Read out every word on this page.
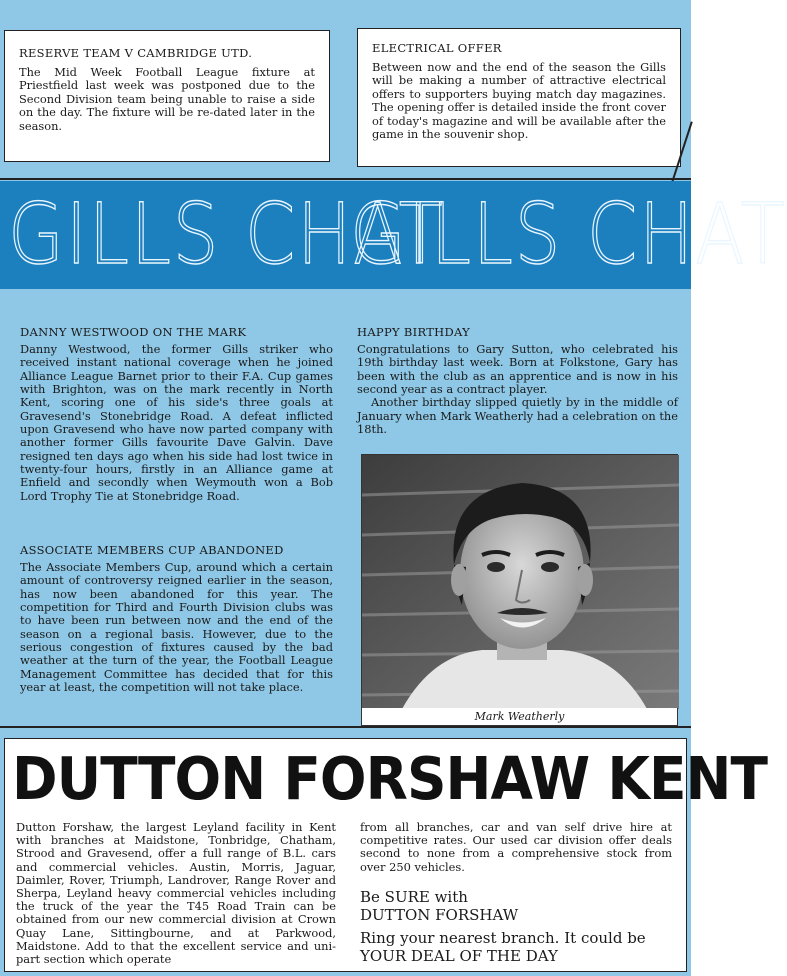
RESERVE TEAM V CAMBRIDGE UTD.

The Mid Week Football League fixture at Priestfield last week was postponed due to the Second Division team being unable to raise a side on the day. The fixture will be re-dated later in the season.

ELECTRICAL OFFER

Between now and the end of the season the Gills will be making a number of attractive electrical offers to supporters buying match day magazines. The opening offer is detailed inside the front cover of today's magazine and will be available after the game in the souvenir shop.

GILLS CHAT
GILLS CHAT
DANNY WESTWOOD ON THE MARK

Danny Westwood, the former Gills striker who received instant national coverage when he joined Alliance League Barnet prior to their F.A. Cup games with Brighton, was on the mark recently in North Kent, scoring one of his side's three goals at Gravesend's Stonebridge Road. A defeat inflicted upon Gravesend who have now parted company with another former Gills favourite Dave Galvin. Dave resigned ten days ago when his side had lost twice in twenty-four hours, firstly in an Alliance game at Enfield and secondly when Weymouth won a Bob Lord Trophy Tie at Stonebridge Road.

ASSOCIATE MEMBERS CUP ABANDONED

The Associate Members Cup, around which a certain amount of controversy reigned earlier in the season, has now been abandoned for this year. The competition for Third and Fourth Division clubs was to have been run between now and the end of the season on a regional basis. However, due to the serious congestion of fixtures caused by the bad weather at the turn of the year, the Football League Management Committee has decided that for this year at least, the competition will not take place.

HAPPY BIRTHDAY

Congratulations to Gary Sutton, who celebrated his 19th birthday last week. Born at Folkstone, Gary has been with the club as an apprentice and is now in his second year as a contract player.

Another birthday slipped quietly by in the middle of January when Mark Weatherly had a celebration on the 18th.

Mark Weatherly
DUTTON FORSHAW KENT
Dutton Forshaw, the largest Leyland facility in Kent with branches at Maidstone, Tonbridge, Chatham, Strood and Gravesend, offer a full range of B.L. cars and commercial vehicles. Austin, Morris, Jaguar, Daimler, Rover, Triumph, Landrover, Range Rover and Sherpa, Leyland heavy commercial vehicles including the truck of the year the T45 Road Train can be obtained from our new commercial division at Crown Quay Lane, Sittingbourne, and at Parkwood, Maidstone. Add to that the excellent service and uni-part section which operate
from all branches, car and van self drive hire at competitive rates. Our used car division offer deals second to none from a comprehensive stock from over 250 vehicles.
Be SURE with
DUTTON FORSHAW
Ring your nearest branch. It could be YOUR DEAL OF THE DAY
